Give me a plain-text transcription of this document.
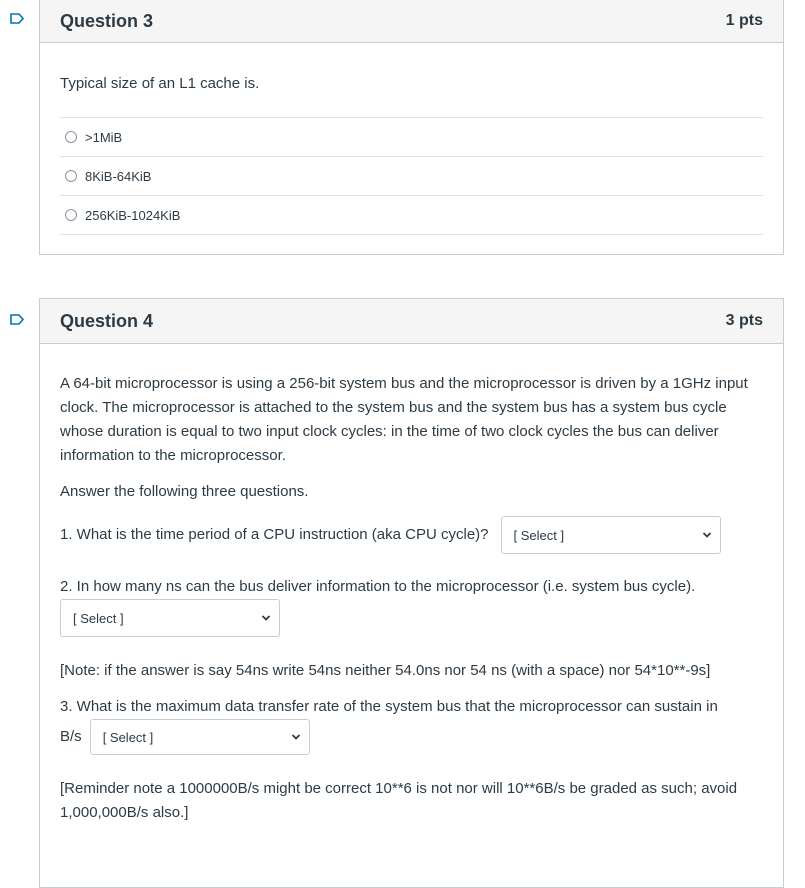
Question 3	1 pts
Typical size of an L1 cache is.
>1MiB
8KiB-64KiB
256KiB-1024KiB
Question 4	3 pts

A 64-bit microprocessor is using a 256-bit system bus and the microprocessor is driven by a 1GHz input clock. The microprocessor is attached to the system bus and the system bus has a system bus cycle whose duration is equal to two input clock cycles: in the time of two clock cycles the bus can deliver information to the microprocessor.

Answer the following three questions.

1. What is the time period of a CPU instruction (aka CPU cycle)? [ Select ]

2. In how many ns can the bus deliver information to the microprocessor (i.e. system bus cycle).

[ Select ]

[Note: if the answer is say 54ns write 54ns neither 54.0ns nor 54 ns (with a space) nor 54*10**-9s]

3. What is the maximum data transfer rate of the system bus that the microprocessor can sustain in

B/s [ Select ]

[Reminder note a 1000000B/s might be correct 10**6 is not nor will 10**6B/s be graded as such; avoid 1,000,000B/s also.]
